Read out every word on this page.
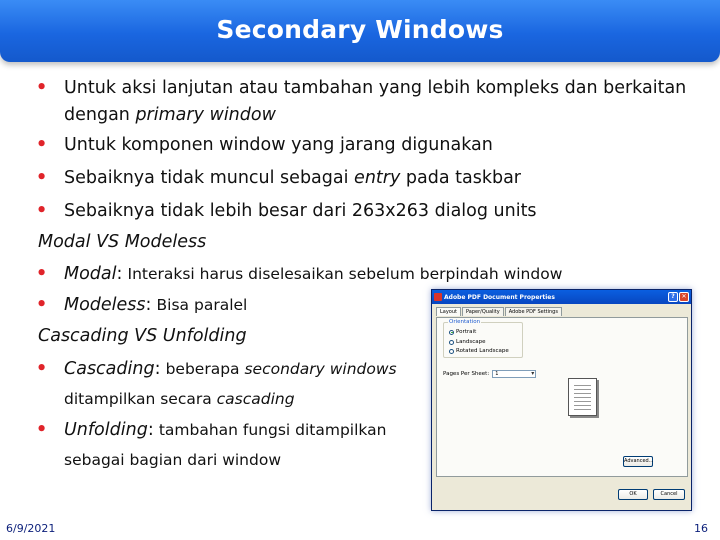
Secondary Windows
• Untuk aksi lanjutan atau tambahan yang lebih kompleks dan berkaitan
dengan primary window
• Untuk komponen window yang jarang digunakan
• Sebaiknya tidak muncul sebagai entry pada taskbar
• Sebaiknya tidak lebih besar dari 263x263 dialog units
Modal VS Modeless
• Modal: Interaksi harus diselesaikan sebelum berpindah window
• Modeless: Bisa paralel
Cascading VS Unfolding
• Cascading: beberapa secondary windows
ditampilkan secara cascading
• Unfolding: tambahan fungsi ditampilkan
sebagai bagian dari window
Adobe PDF Document Properties	?	✕
Layout	Paper/Quality	Adobe PDF Settings
Orientation
Portrait
Landscape
Rotated Landscape
Pages Per Sheet:	1 ▾
Advanced...
OK	Cancel
6/9/2021	16
